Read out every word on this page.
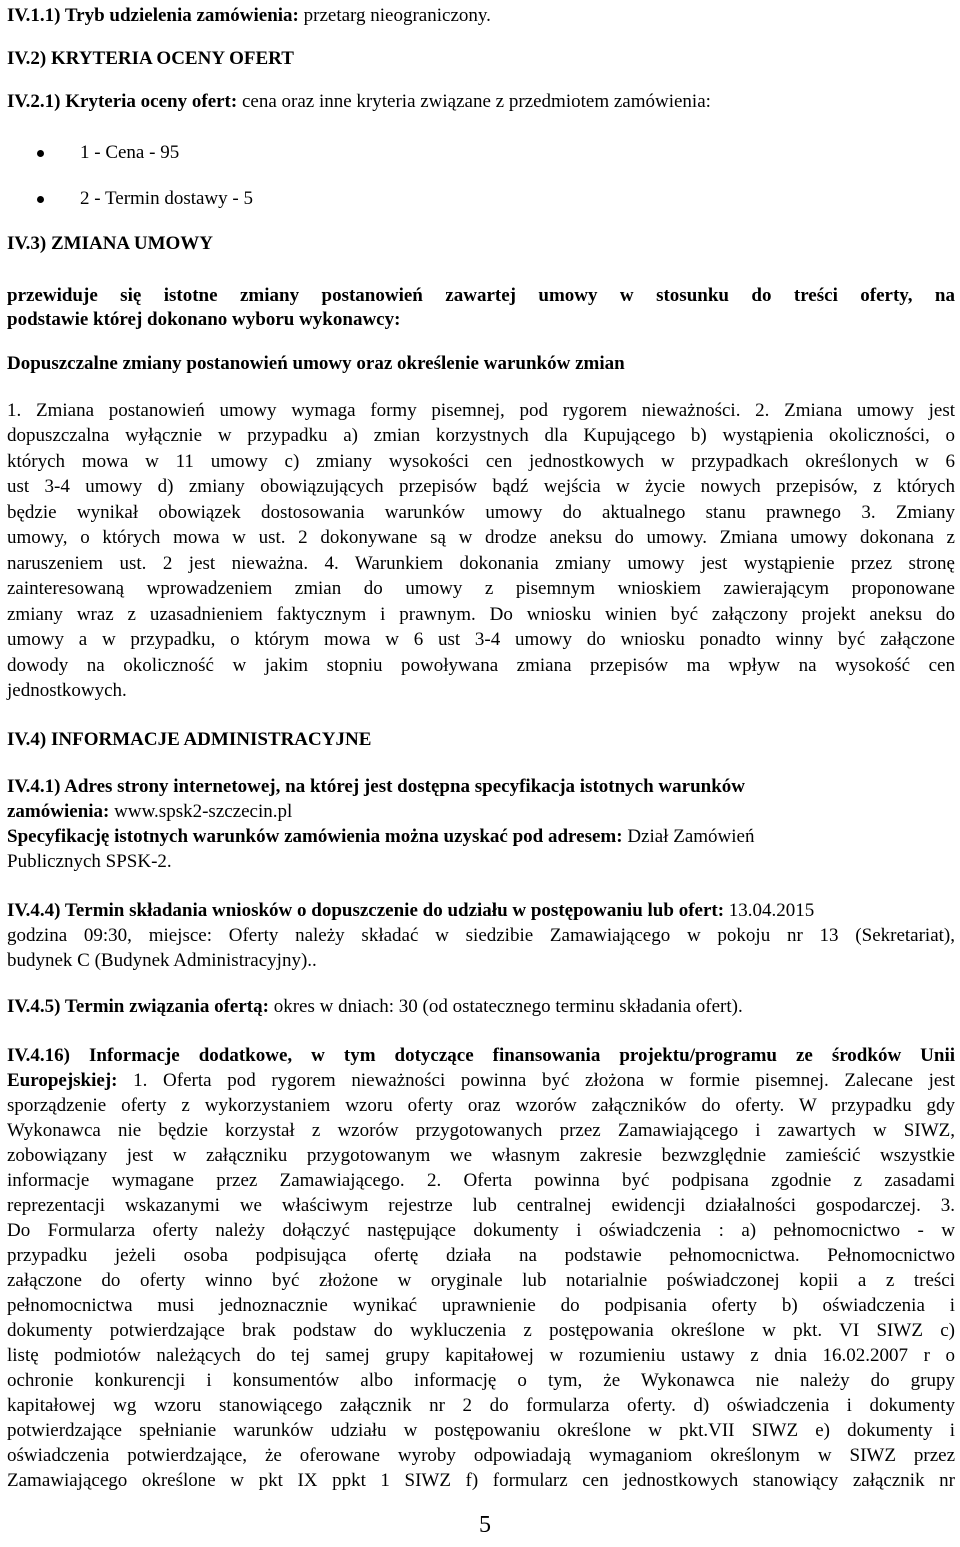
IV.1.1) Tryb udzielenia zamówienia: przetarg nieograniczony.
IV.2) KRYTERIA OCENY OFERT
IV.2.1) Kryteria oceny ofert: cena oraz inne kryteria związane z przedmiotem zamówienia:
1 - Cena - 95
2 - Termin dostawy - 5
IV.3) ZMIANA UMOWY
przewiduje się istotne zmiany postanowień zawartej umowy w stosunku do treści oferty, na
podstawie której dokonano wyboru wykonawcy:
Dopuszczalne zmiany postanowień umowy oraz określenie warunków zmian
1. Zmiana postanowień umowy wymaga formy pisemnej, pod rygorem nieważności. 2. Zmiana umowy jest
dopuszczalna wyłącznie w przypadku a) zmian korzystnych dla Kupującego b) wystąpienia okoliczności, o
których mowa w 11 umowy c) zmiany wysokości cen jednostkowych w przypadkach określonych w 6
ust 3-4 umowy d) zmiany obowiązujących przepisów bądź wejścia w życie nowych przepisów, z których
będzie wynikał obowiązek dostosowania warunków umowy do aktualnego stanu prawnego 3. Zmiany
umowy, o których mowa w ust. 2 dokonywane są w drodze aneksu do umowy. Zmiana umowy dokonana z
naruszeniem ust. 2 jest nieważna. 4. Warunkiem dokonania zmiany umowy jest wystąpienie przez stronę
zainteresowaną wprowadzeniem zmian do umowy z pisemnym wnioskiem zawierającym proponowane
zmiany wraz z uzasadnieniem faktycznym i prawnym. Do wniosku winien być załączony projekt aneksu do
umowy a w przypadku, o którym mowa w 6 ust 3-4 umowy do wniosku ponadto winny być załączone
dowody na okoliczność w jakim stopniu powoływana zmiana przepisów ma wpływ na wysokość cen
jednostkowych.
IV.4) INFORMACJE ADMINISTRACYJNE
IV.4.1) Adres strony internetowej, na której jest dostępna specyfikacja istotnych warunków
zamówienia: www.spsk2-szczecin.pl
Specyfikację istotnych warunków zamówienia można uzyskać pod adresem: Dział Zamówień
Publicznych SPSK-2.
IV.4.4) Termin składania wniosków o dopuszczenie do udziału w postępowaniu lub ofert: 13.04.2015
godzina 09:30, miejsce: Oferty należy składać w siedzibie Zamawiającego w pokoju nr 13 (Sekretariat),
budynek C (Budynek Administracyjny)..
IV.4.5) Termin związania ofertą: okres w dniach: 30 (od ostatecznego terminu składania ofert).
IV.4.16) Informacje dodatkowe, w tym dotyczące finansowania projektu/programu ze środków Unii
Europejskiej: 1. Oferta pod rygorem nieważności powinna być złożona w formie pisemnej. Zalecane jest
sporządzenie oferty z wykorzystaniem wzoru oferty oraz wzorów załączników do oferty. W przypadku gdy
Wykonawca nie będzie korzystał z wzorów przygotowanych przez Zamawiającego i zawartych w SIWZ,
zobowiązany jest w załączniku przygotowanym we własnym zakresie bezwzględnie zamieścić wszystkie
informacje wymagane przez Zamawiającego. 2. Oferta powinna być podpisana zgodnie z zasadami
reprezentacji wskazanymi we właściwym rejestrze lub centralnej ewidencji działalności gospodarczej. 3.
Do Formularza oferty należy dołączyć następujące dokumenty i oświadczenia : a) pełnomocnictwo - w
przypadku jeżeli osoba podpisująca ofertę działa na podstawie pełnomocnictwa. Pełnomocnictwo
załączone do oferty winno być złożone w oryginale lub notarialnie poświadczonej kopii a z treści
pełnomocnictwa musi jednoznacznie wynikać uprawnienie do podpisania oferty b) oświadczenia i
dokumenty potwierdzające brak podstaw do wykluczenia z postępowania określone w pkt. VI SIWZ c)
listę podmiotów należących do tej samej grupy kapitałowej w rozumieniu ustawy z dnia 16.02.2007 r o
ochronie konkurencji i konsumentów albo informację o tym, że Wykonawca nie należy do grupy
kapitałowej wg wzoru stanowiącego załącznik nr 2 do formularza oferty. d) oświadczenia i dokumenty
potwierdzające spełnianie warunków udziału w postępowaniu określone w pkt.VII SIWZ e) dokumenty i
oświadczenia potwierdzające, że oferowane wyroby odpowiadają wymaganiom określonym w SIWZ przez
Zamawiającego określone w pkt IX ppkt 1 SIWZ f) formularz cen jednostkowych stanowiący załącznik nr
5
